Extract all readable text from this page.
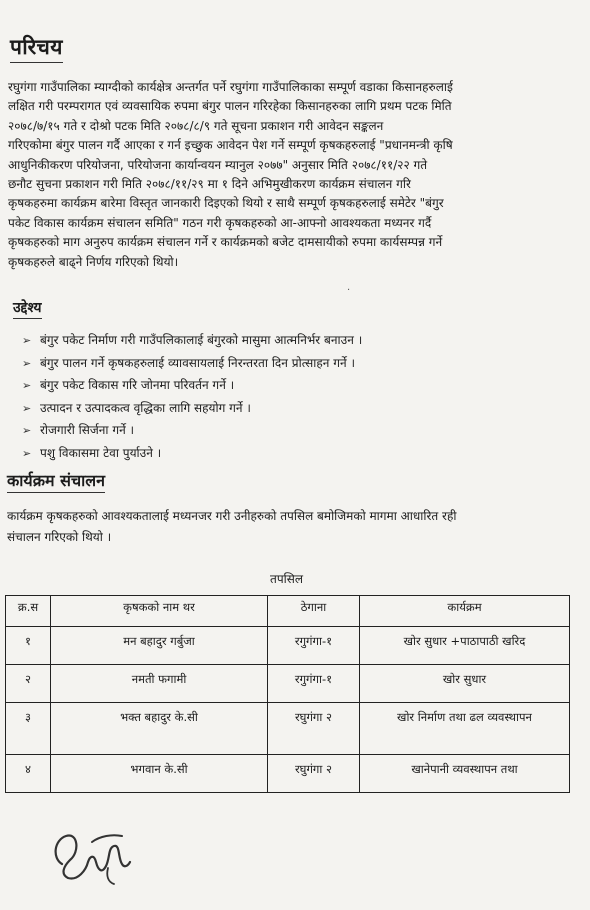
परिचय
रघुगंगा गाउँपालिका म्याग्दीको कार्यक्षेत्र अन्तर्गत पर्ने रघुगंगा गाउँपालिकाका सम्पूर्ण वडाका किसानहरुलाई
लक्षित गरी परम्परागत एवं व्यवसायिक रुपमा बंगुर पालन गरिरहेका किसानहरुका लागि प्रथम पटक मिति
२०७८/७/१५ गते र दोश्रो पटक मिति २०७८/८/९ गते सूचना प्रकाशन गरी आवेदन सङ्कलन
गरिएकोमा बंगुर पालन गर्दै आएका र गर्न इच्छुक आवेदन पेश गर्ने सम्पूर्ण कृषकहरुलाई "प्रधानमन्त्री कृषि
आधुनिकीकरण परियोजना, परियोजना कार्यान्वयन म्यानुल २०७७" अनुसार मिति २०७८/११/२२ गते
छनौट सुचना प्रकाशन गरी मिति २०७८/११/२९ मा १ दिने अभिमुखीकरण कार्यक्रम संचालन गरि
कृषकहरुमा कार्यक्रम बारेमा विस्तृत जानकारी दिइएको थियो र साथै सम्पूर्ण कृषकहरुलाई समेटेर "बंगुर
पकेट विकास कार्यक्रम संचालन समिति" गठन गरी कृषकहरुको आ-आफ्नो आवश्यकता मध्यनर गर्दै
कृषकहरुको माग अनुरुप कार्यक्रम संचालन गर्ने र कार्यक्रमको बजेट दामसायीको रुपमा कार्यसम्पन्न गर्ने
कृषकहरुले बाढ्ने निर्णय गरिएको थियो।
·
उद्देश्य
➢ बंगुर पकेट निर्माण गरी गाउँपलिकालाई बंगुरको मासुमा आत्मनिर्भर बनाउन ।
➢ बंगुर पालन गर्ने कृषकहरुलाई व्यावसायलाई निरन्तरता दिन प्रोत्साहन गर्ने ।
➢ बंगुर पकेट विकास गरि जोनमा परिवर्तन गर्ने ।
➢ उत्पादन र उत्पादकत्व वृद्धिका लागि सहयोग गर्ने ।
➢ रोजगारी सिर्जना गर्ने ।
➢ पशु विकासमा टेवा पुर्याउने ।
कार्यक्रम संचालन
कार्यक्रम कृषकहरुको आवश्यकतालाई मध्यनजर गरी उनीहरुको तपसिल बमोजिमको मागमा आधारित रही
संचालन गरिएको थियो ।
तपसिल
क्र.स	कृषकको नाम थर	ठेगाना	कार्यक्रम
१	मन बहादुर गर्बुजा	रगुगंगा-१	खोर सुधार +पाठापाठी खरिद
२	नमती फगामी	रगुगंगा-१	खोर सुधार
३	भक्त बहादुर के.सी	रघुगंगा २	खोर निर्माण तथा ढल व्यवस्थापन
४	भगवान के.सी	रघुगंगा २	खानेपानी व्यवस्थापन तथा
